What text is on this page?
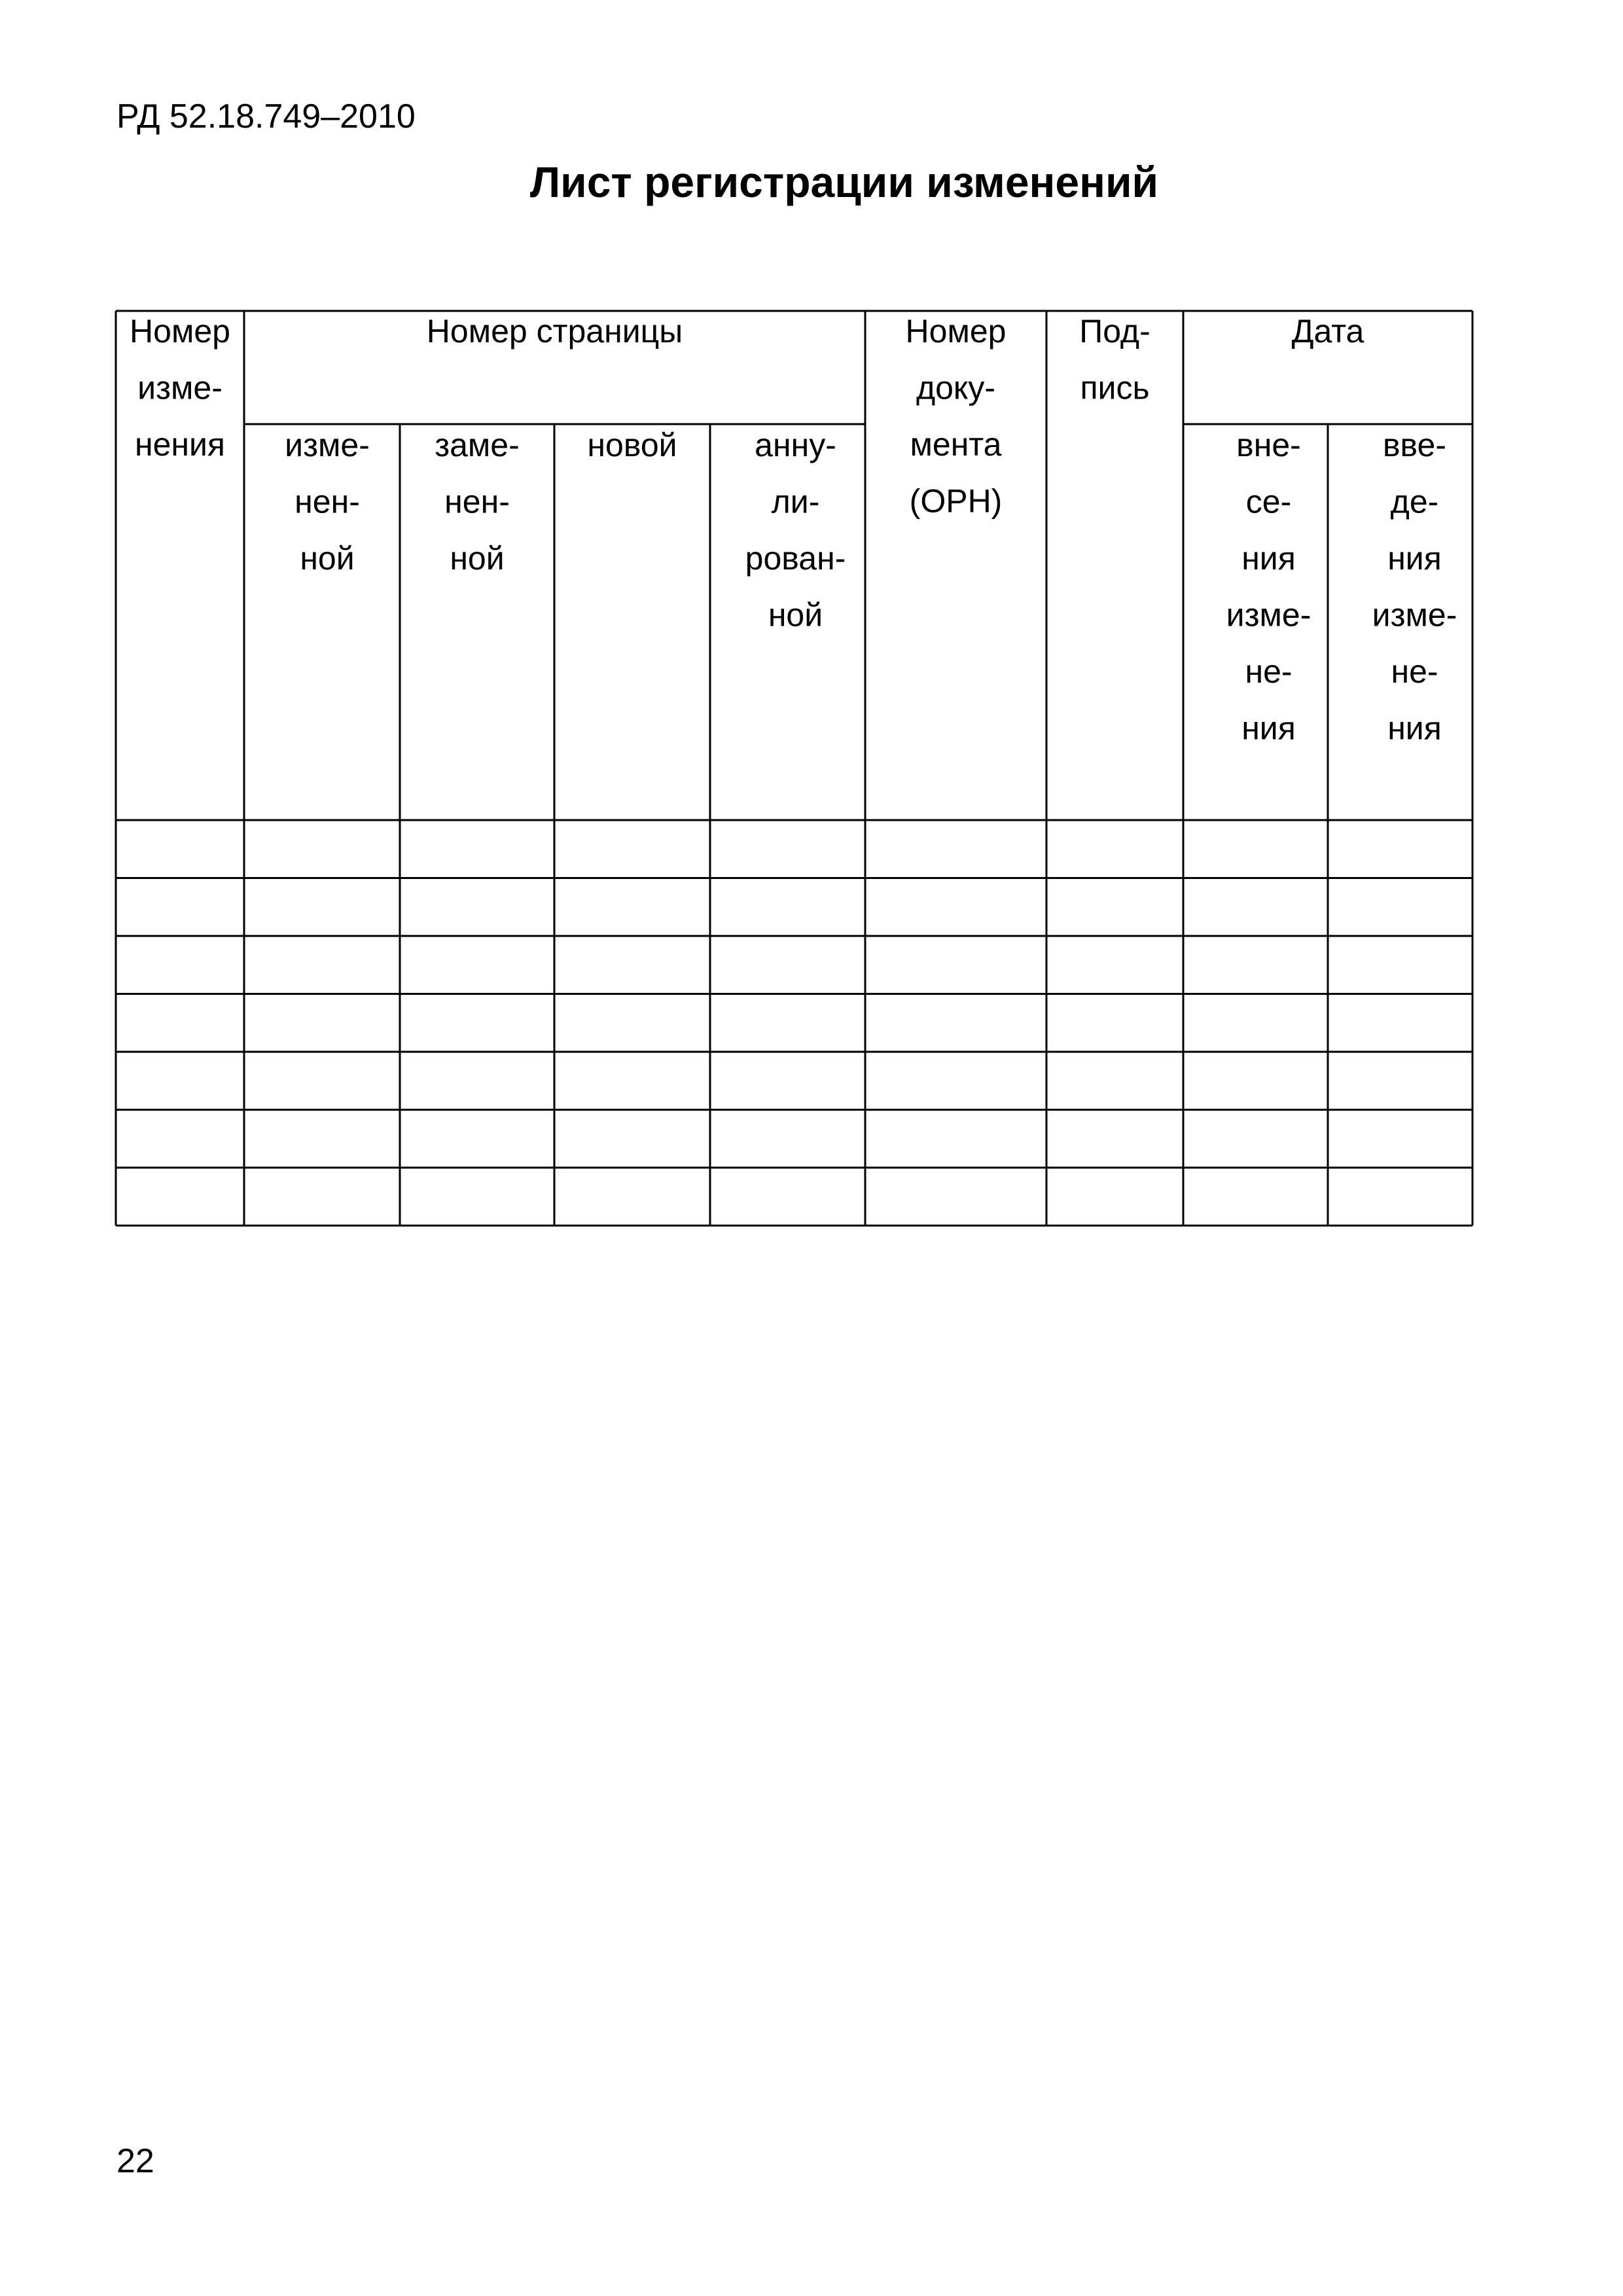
РД 52.18.749–2010
Лист регистрации изменений
Номер
изме-
нения
Номер страницы
изме-
нен-
ной
заме-
нен-
ной
новой анну-
ли-
рован-
ной
Номер
доку-
мента
(ОРН)
Под-
пись
Дата
вне-
се-
ния
изме-
не-
ния
вве-
де-
ния
изме-
не-
ния
22
